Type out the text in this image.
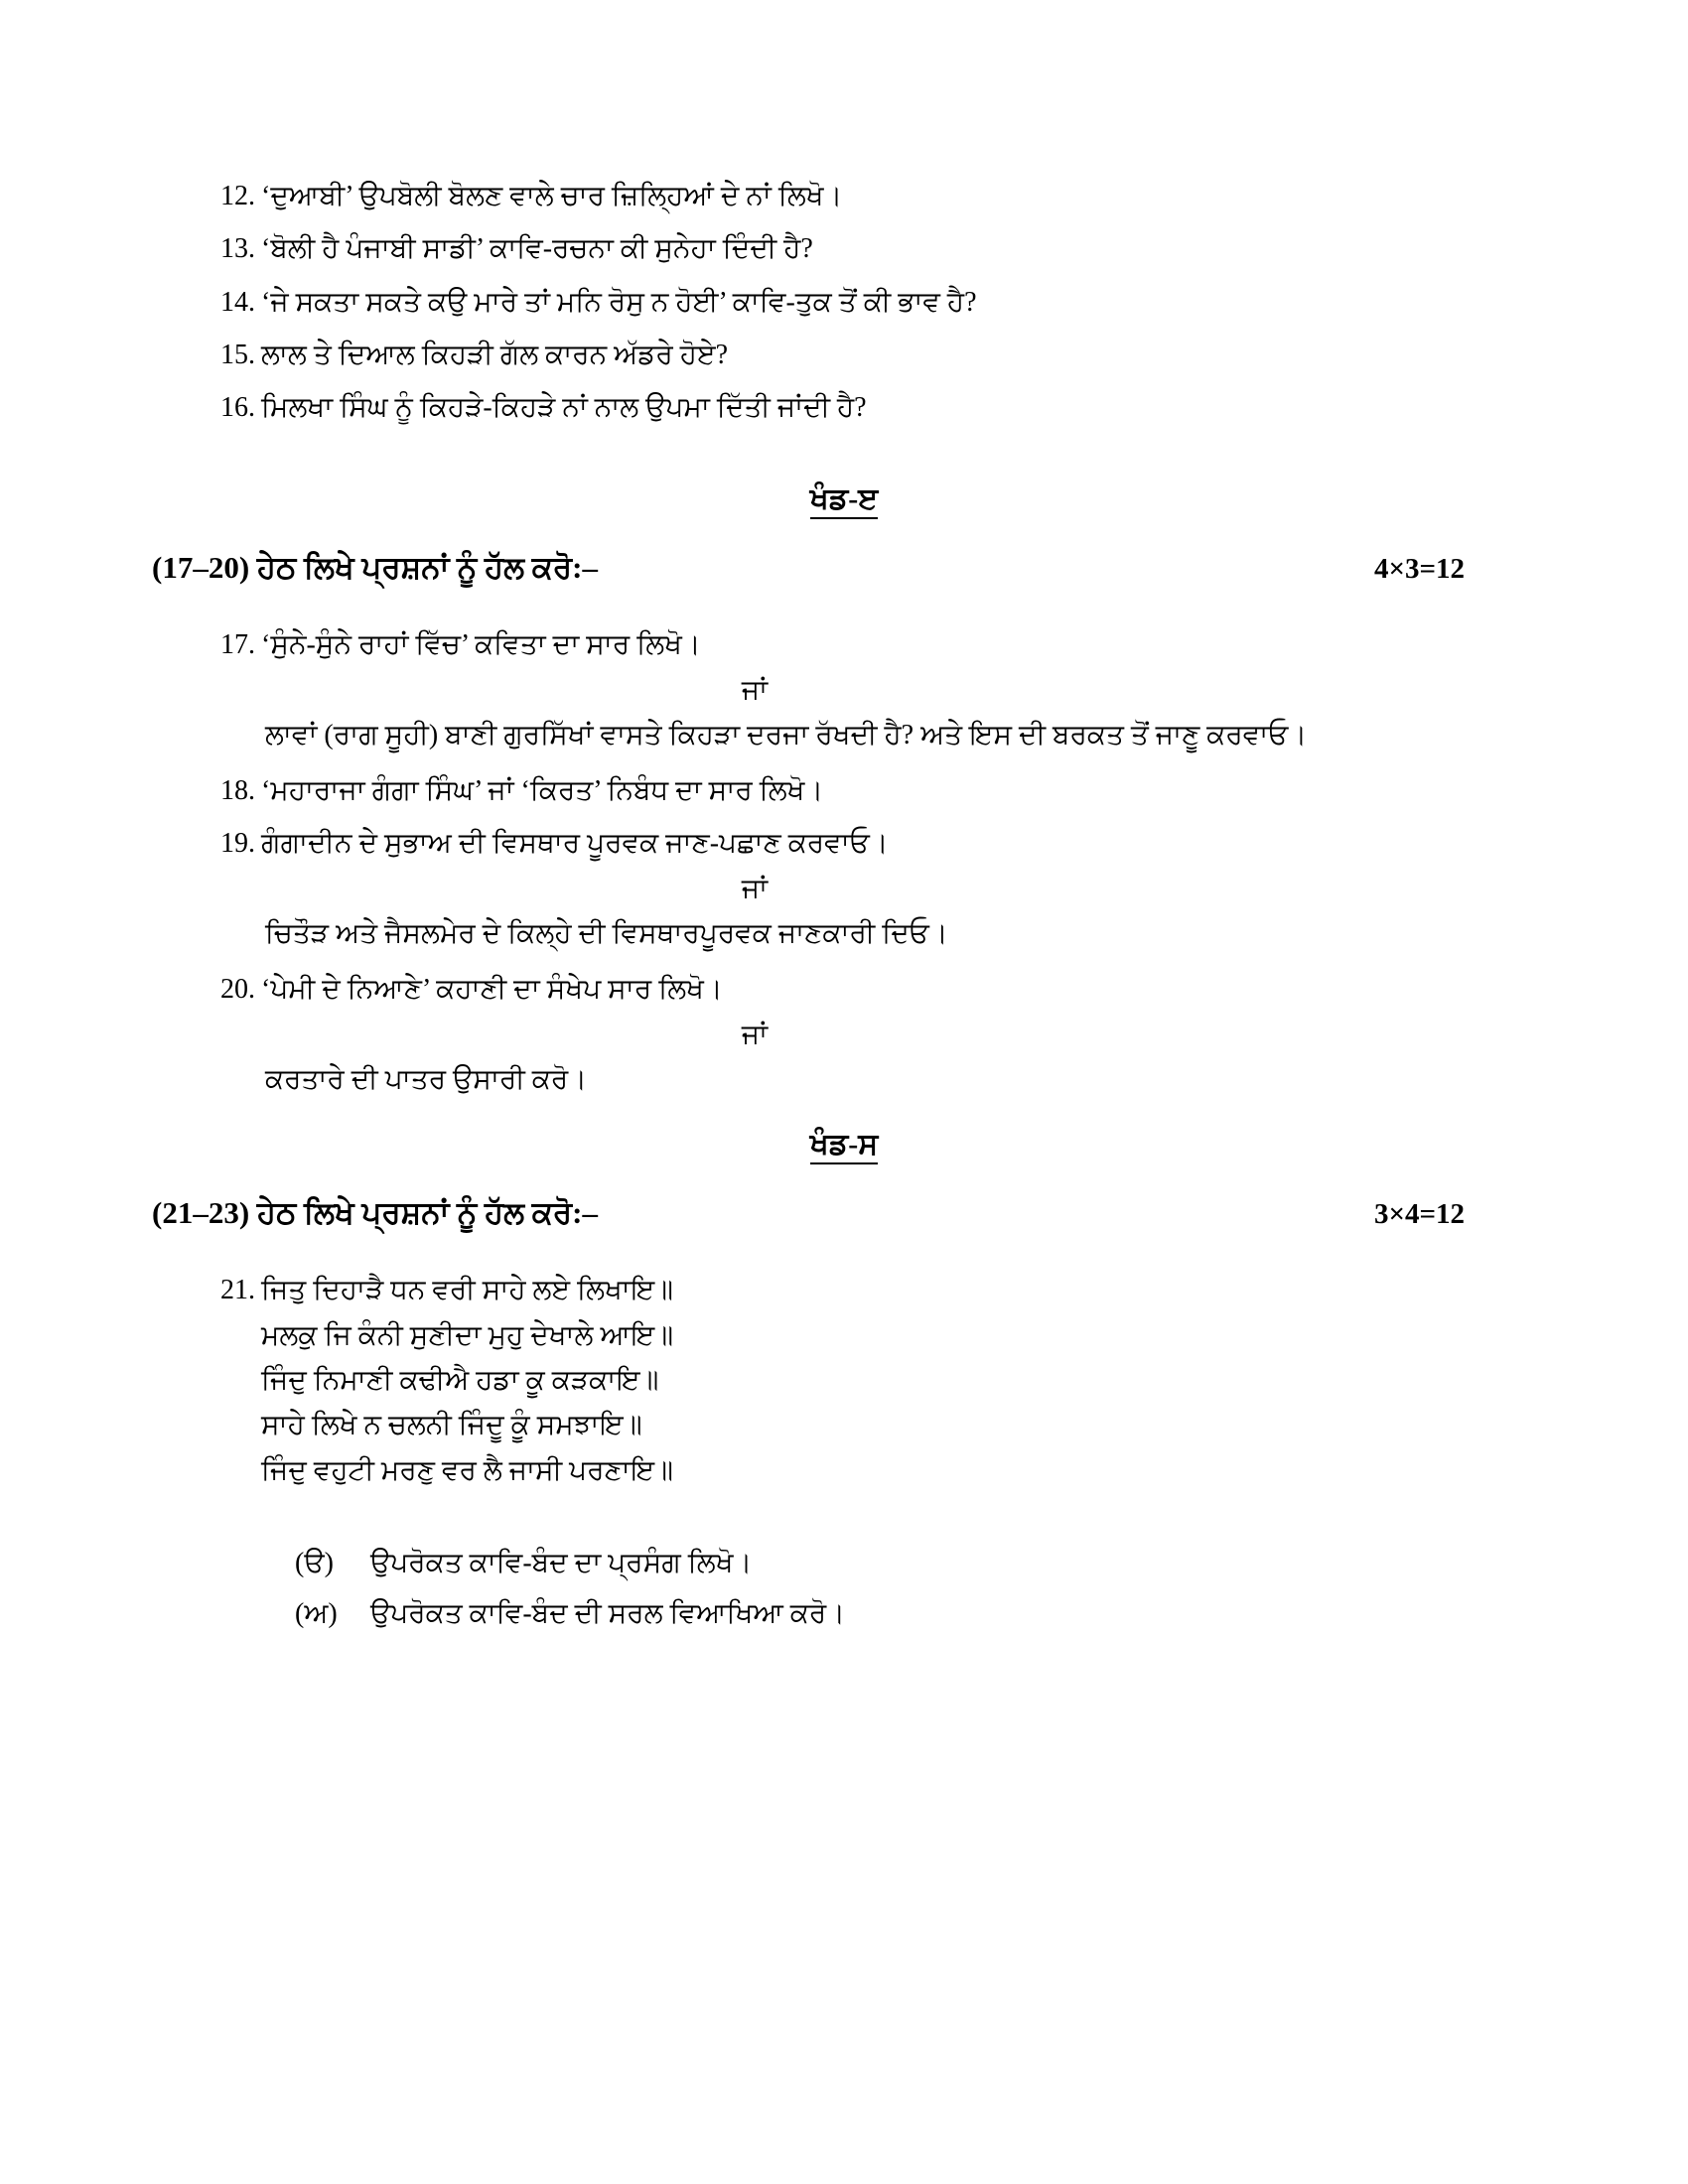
12. ‘ਦੁਆਬੀ’ ਉਪਬੋਲੀ ਬੋਲਣ ਵਾਲੇ ਚਾਰ ਜ਼ਿਲ੍ਹਿਆਂ ਦੇ ਨਾਂ ਲਿਖੋ।
13. ‘ਬੋਲੀ ਹੈ ਪੰਜਾਬੀ ਸਾਡੀ’ ਕਾਵਿ-ਰਚਨਾ ਕੀ ਸੁਨੇਹਾ ਦਿੰਦੀ ਹੈ?
14. ‘ਜੇ ਸਕਤਾ ਸਕਤੇ ਕਉ ਮਾਰੇ ਤਾਂ ਮਨਿ ਰੋਸੁ ਨ ਹੋਈ’ ਕਾਵਿ-ਤੁਕ ਤੋਂ ਕੀ ਭਾਵ ਹੈ?
15. ਲਾਲ ਤੇ ਦਿਆਲ ਕਿਹੜੀ ਗੱਲ ਕਾਰਨ ਅੱਡਰੇ ਹੋਏ?
16. ਮਿਲਖਾ ਸਿੰਘ ਨੂੰ ਕਿਹੜੇ-ਕਿਹੜੇ ਨਾਂ ਨਾਲ ਉਪਮਾ ਦਿੱਤੀ ਜਾਂਦੀ ਹੈ?
ਖੰਡ-ੲ
(17–20) ਹੇਠ ਲਿਖੇ ਪ੍ਰਸ਼ਨਾਂ ਨੂੰ ਹੱਲ ਕਰੋ:–	4×3=12
17. ‘ਸੁੰਨੇ-ਸੁੰਨੇ ਰਾਹਾਂ ਵਿੱਚ’ ਕਵਿਤਾ ਦਾ ਸਾਰ ਲਿਖੋ।
ਜਾਂ
ਲਾਵਾਂ (ਰਾਗ ਸੂਹੀ) ਬਾਣੀ ਗੁਰਸਿੱਖਾਂ ਵਾਸਤੇ ਕਿਹੜਾ ਦਰਜਾ ਰੱਖਦੀ ਹੈ? ਅਤੇ ਇਸ ਦੀ ਬਰਕਤ ਤੋਂ ਜਾਣੂ ਕਰਵਾਓ।
18. ‘ਮਹਾਰਾਜਾ ਗੰਗਾ ਸਿੰਘ’ ਜਾਂ ‘ਕਿਰਤ’ ਨਿਬੰਧ ਦਾ ਸਾਰ ਲਿਖੋ।
19. ਗੰਗਾਦੀਨ ਦੇ ਸੁਭਾਅ ਦੀ ਵਿਸਥਾਰ ਪੂਰਵਕ ਜਾਣ-ਪਛਾਣ ਕਰਵਾਓ।
ਜਾਂ
ਚਿਤੌੜ ਅਤੇ ਜੈਸਲਮੇਰ ਦੇ ਕਿਲ੍ਹੇ ਦੀ ਵਿਸਥਾਰਪੂਰਵਕ ਜਾਣਕਾਰੀ ਦਿਓ।
20. ‘ਪੇਮੀ ਦੇ ਨਿਆਣੇ’ ਕਹਾਣੀ ਦਾ ਸੰਖੇਪ ਸਾਰ ਲਿਖੋ।
ਜਾਂ
ਕਰਤਾਰੇ ਦੀ ਪਾਤਰ ਉਸਾਰੀ ਕਰੋ।
ਖੰਡ-ਸ
(21–23) ਹੇਠ ਲਿਖੇ ਪ੍ਰਸ਼ਨਾਂ ਨੂੰ ਹੱਲ ਕਰੋ:–	3×4=12
21. ਜਿਤੁ ਦਿਹਾੜੈ ਧਨ ਵਰੀ ਸਾਹੇ ਲਏ ਲਿਖਾਇ॥
ਮਲਕੁ ਜਿ ਕੰਨੀ ਸੁਣੀਦਾ ਮੁਹੁ ਦੇਖਾਲੇ ਆਇ॥
ਜਿੰਦੁ ਨਿਮਾਣੀ ਕਢੀਐ ਹਡਾ ਕੂ ਕੜਕਾਇ॥
ਸਾਹੇ ਲਿਖੇ ਨ ਚਲਨੀ ਜਿੰਦੂ ਕੂੰ ਸਮਝਾਇ॥
ਜਿੰਦੁ ਵਹੁਟੀ ਮਰਣੁ ਵਰ ਲੈ ਜਾਸੀ ਪਰਣਾਇ॥
(ੳ)	ਉਪਰੋਕਤ ਕਾਵਿ-ਬੰਦ ਦਾ ਪ੍ਰਸੰਗ ਲਿਖੋ।
(ਅ)	ਉਪਰੋਕਤ ਕਾਵਿ-ਬੰਦ ਦੀ ਸਰਲ ਵਿਆਖਿਆ ਕਰੋ।
